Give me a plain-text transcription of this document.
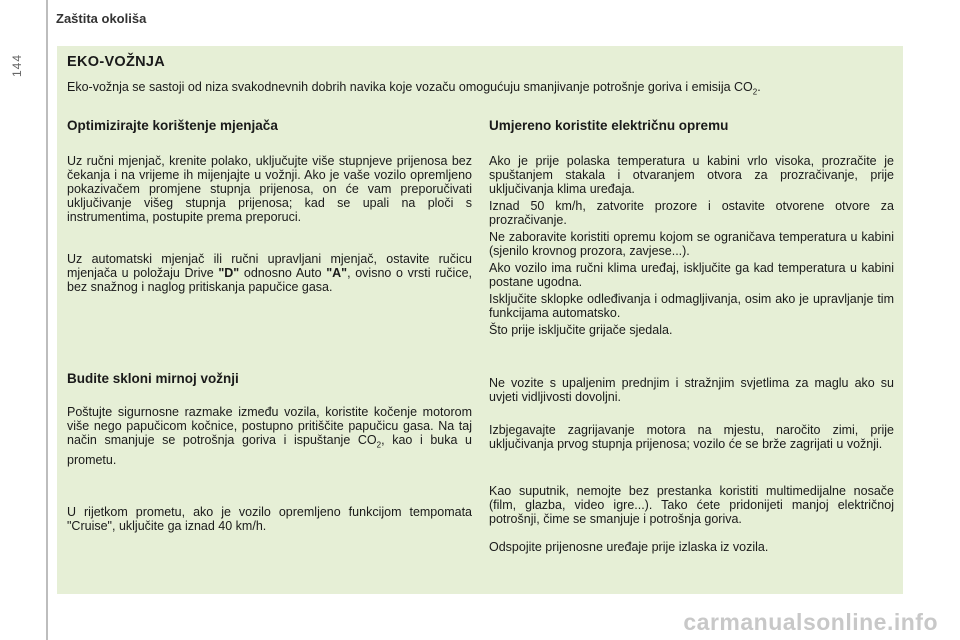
144
Zaštita okoliša
EKO-VOŽNJA
Eko-vožnja se sastoji od niza svakodnevnih dobrih navika koje vozaču omogućuju smanjivanje potrošnje goriva i emisija $CO_2$.
Optimizirajte korištenje mjenjača
Uz ručni mjenjač, krenite polako, uključujte više stupnjeve prijenosa bez čekanja i na vrijeme ih mijenjajte u vožnji. Ako je vaše vozilo opremljeno pokazivačem promjene stupnja prijenosa, on će vam preporučivati uključivanje višeg stupnja prijenosa; kad se upali na ploči s instrumentima, postupite prema preporuci.
Uz automatski mjenjač ili ručni upravljani mjenjač, ostavite ručicu mjenjača u položaju Drive "D" odnosno Auto "A", ovisno o vrsti ručice, bez snažnog i naglog pritiskanja papučice gasa.
Budite skloni mirnoj vožnji
Poštujte sigurnosne razmake između vozila, koristite kočenje motorom više nego papučicom kočnice, postupno pritiščite papučicu gasa. Na taj način smanjuje se potrošnja goriva i ispuštanje $CO_2$, kao i buka u prometu.
U rijetkom prometu, ako je vozilo opremljeno funkcijom tempomata "Cruise", uključite ga iznad 40 km/h.
Umjereno koristite električnu opremu
Ako je prije polaska temperatura u kabini vrlo visoka, prozračite je spuštanjem stakala i otvaranjem otvora za prozračivanje, prije uključivanja klima uređaja.
Iznad 50 km/h, zatvorite prozore i ostavite otvorene otvore za prozračivanje.
Ne zaboravite koristiti opremu kojom se ograničava temperatura u kabini (sjenilo krovnog prozora, zavjese...).
Ako vozilo ima ručni klima uređaj, isključite ga kad temperatura u kabini postane ugodna.
Isključite sklopke odleđivanja i odmagljivanja, osim ako je upravljanje tim funkcijama automatsko.
Što prije isključite grijače sjedala.
Ne vozite s upaljenim prednjim i stražnjim svjetlima za maglu ako su uvjeti vidljivosti dovoljni.
Izbjegavajte zagrijavanje motora na mjestu, naročito zimi, prije uključivanja prvog stupnja prijenosa; vozilo će se brže zagrijati u vožnji.
Kao suputnik, nemojte bez prestanka koristiti multimedijalne nosače (film, glazba, video igre...). Tako ćete pridonijeti manjoj električnoj potrošnji, čime se smanjuje i potrošnja goriva.
Odspojite prijenosne uređaje prije izlaska iz vozila.
carmanualsonline.info
